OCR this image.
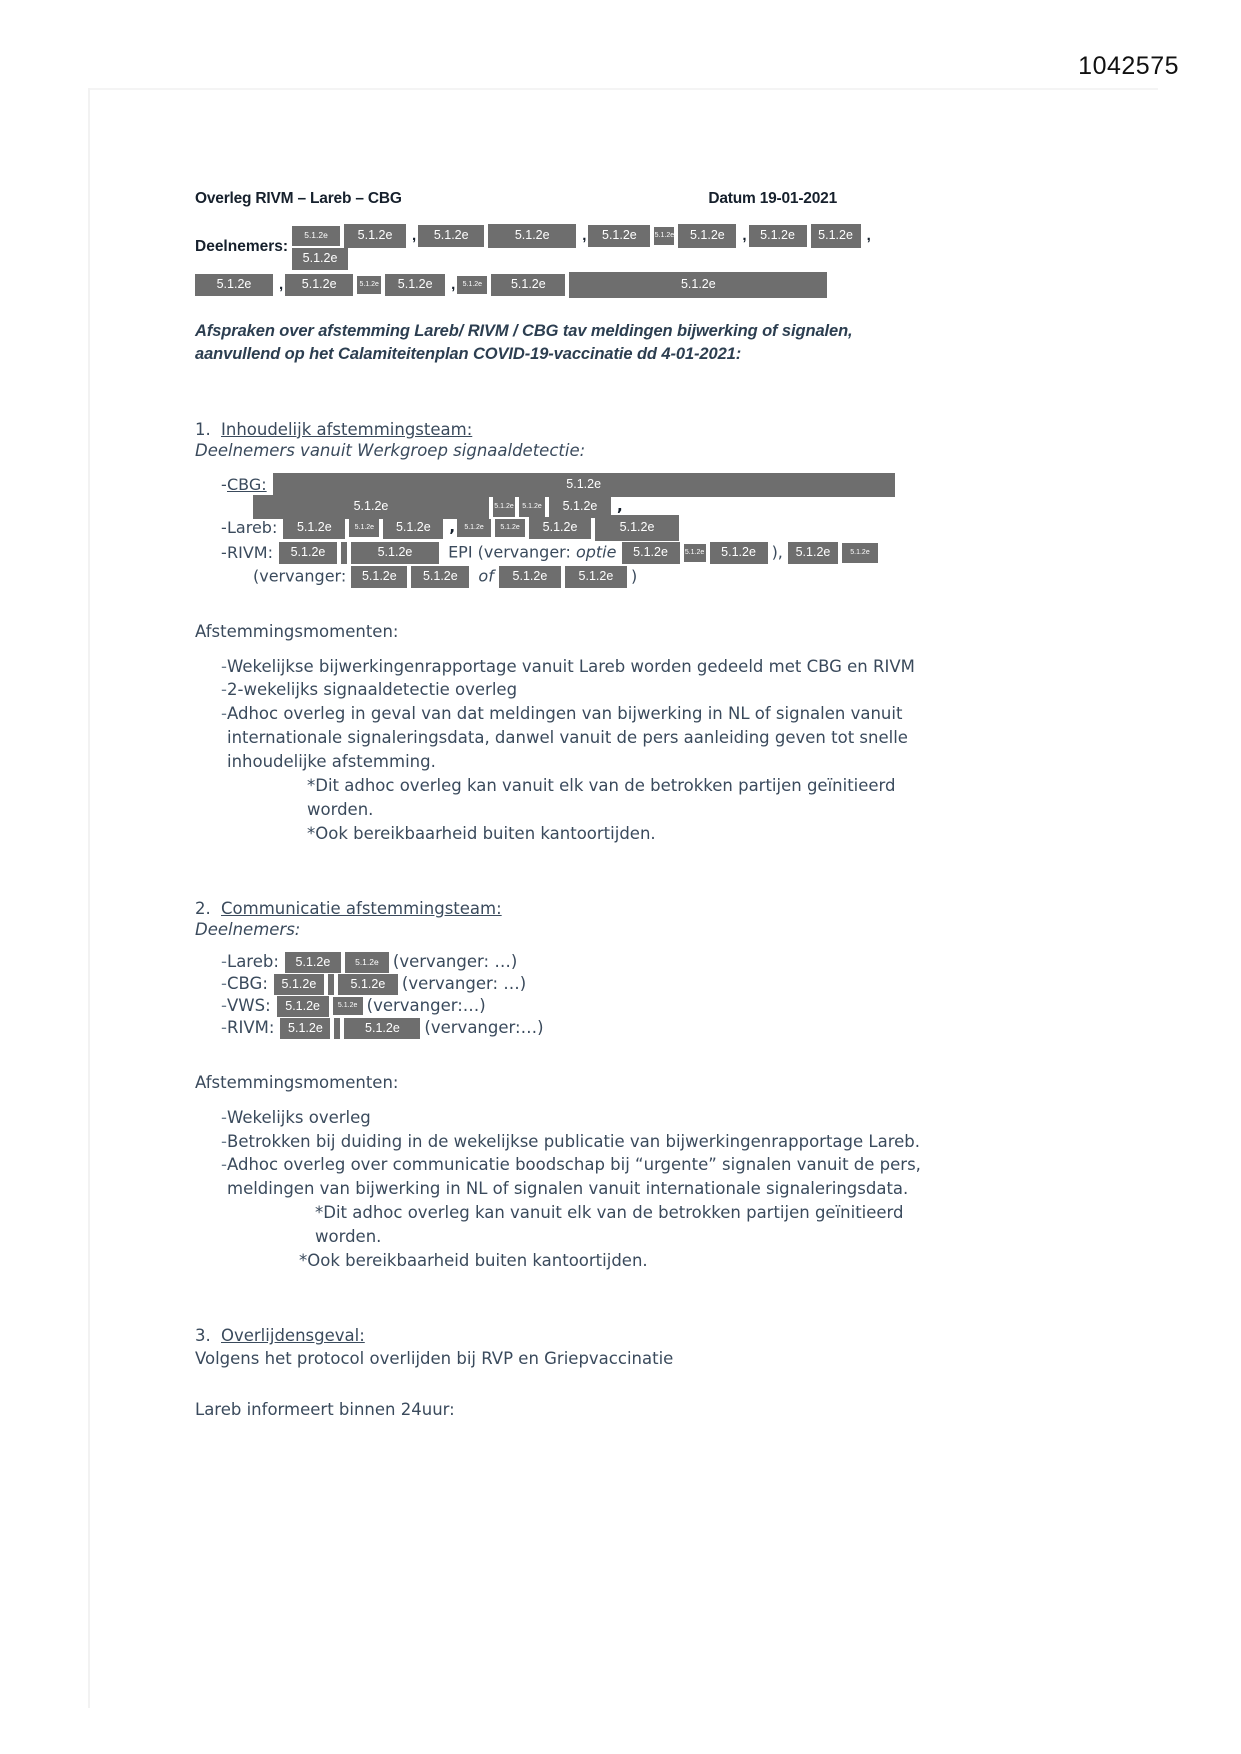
1042575
Overleg RIVM – Lareb – CBG	Datum 19-01-2021
Deelnemers:
5.1.2e 5.1.2e , 5.1.2e	5.1.2e , 5.1.2e	5.1.2e 5.1.2e , 5.1.2e 5.1.2e ,5.1.2e
5.1.2e , 5.1.2e	5.1.2e 5.1.2e , 5.1.2e 5.1.2e	5.1.2e
Afspraken over afstemming Lareb/ RIVM / CBG tav meldingen bijwerking of signalen, aanvullend op het Calamiteitenplan COVID-19-vaccinatie dd 4-01-2021:
1. Inhoudelijk afstemmingsteam:
Deelnemers vanuit Werkgroep signaaldetectie:
- CBG:	5.1.2e
5.1.2e	5.1.2e 5.1.2e 5.1.2e ,
- Lareb:	5.1.2e	5.1.2e 5.1.2e , 5.1.2e 5.1.2e 5.1.2e	5.1.2e
- RIVM:	5.1.2e	5.1.2e EPI (vervanger: optie 5.1.2e 5.1.2e 5.1.2e ), 5.1.2e	5.1.2e
(vervanger: 5.1.2e 5.1.2e of 5.1.2e 5.1.2e )
Afstemmingsmomenten:
- Wekelijkse bijwerkingenrapportage vanuit Lareb worden gedeeld met CBG en RIVM
- 2-wekelijks signaaldetectie overleg
- Adhoc overleg in geval van dat meldingen van bijwerking in NL of signalen vanuit internationale signaleringsdata, danwel vanuit de pers aanleiding geven tot snelle inhoudelijke afstemming.
*Dit adhoc overleg kan vanuit elk van de betrokken partijen geïnitieerd worden.
*Ook bereikbaarheid buiten kantoortijden.
2. Communicatie afstemmingsteam:
Deelnemers:
- Lareb:	5.1.2e	5.1.2e (vervanger: …)
- CBG:	5.1.2e	5.1.2e	(vervanger: …)
- VWS:	5.1.2e	5.1.2e (vervanger:…)
- RIVM:	5.1.2e	5.1.2e	(vervanger:…)
Afstemmingsmomenten:
- Wekelijks overleg
- Betrokken bij duiding in de wekelijkse publicatie van bijwerkingenrapportage Lareb.
- Adhoc overleg over communicatie boodschap bij “urgente” signalen vanuit de pers, meldingen van bijwerking in NL of signalen vanuit internationale signaleringsdata.
*Dit adhoc overleg kan vanuit elk van de betrokken partijen geïnitieerd worden.
*Ook bereikbaarheid buiten kantoortijden.
3. Overlijdensgeval:
Volgens het protocol overlijden bij RVP en Griepvaccinatie
Lareb informeert binnen 24uur:
